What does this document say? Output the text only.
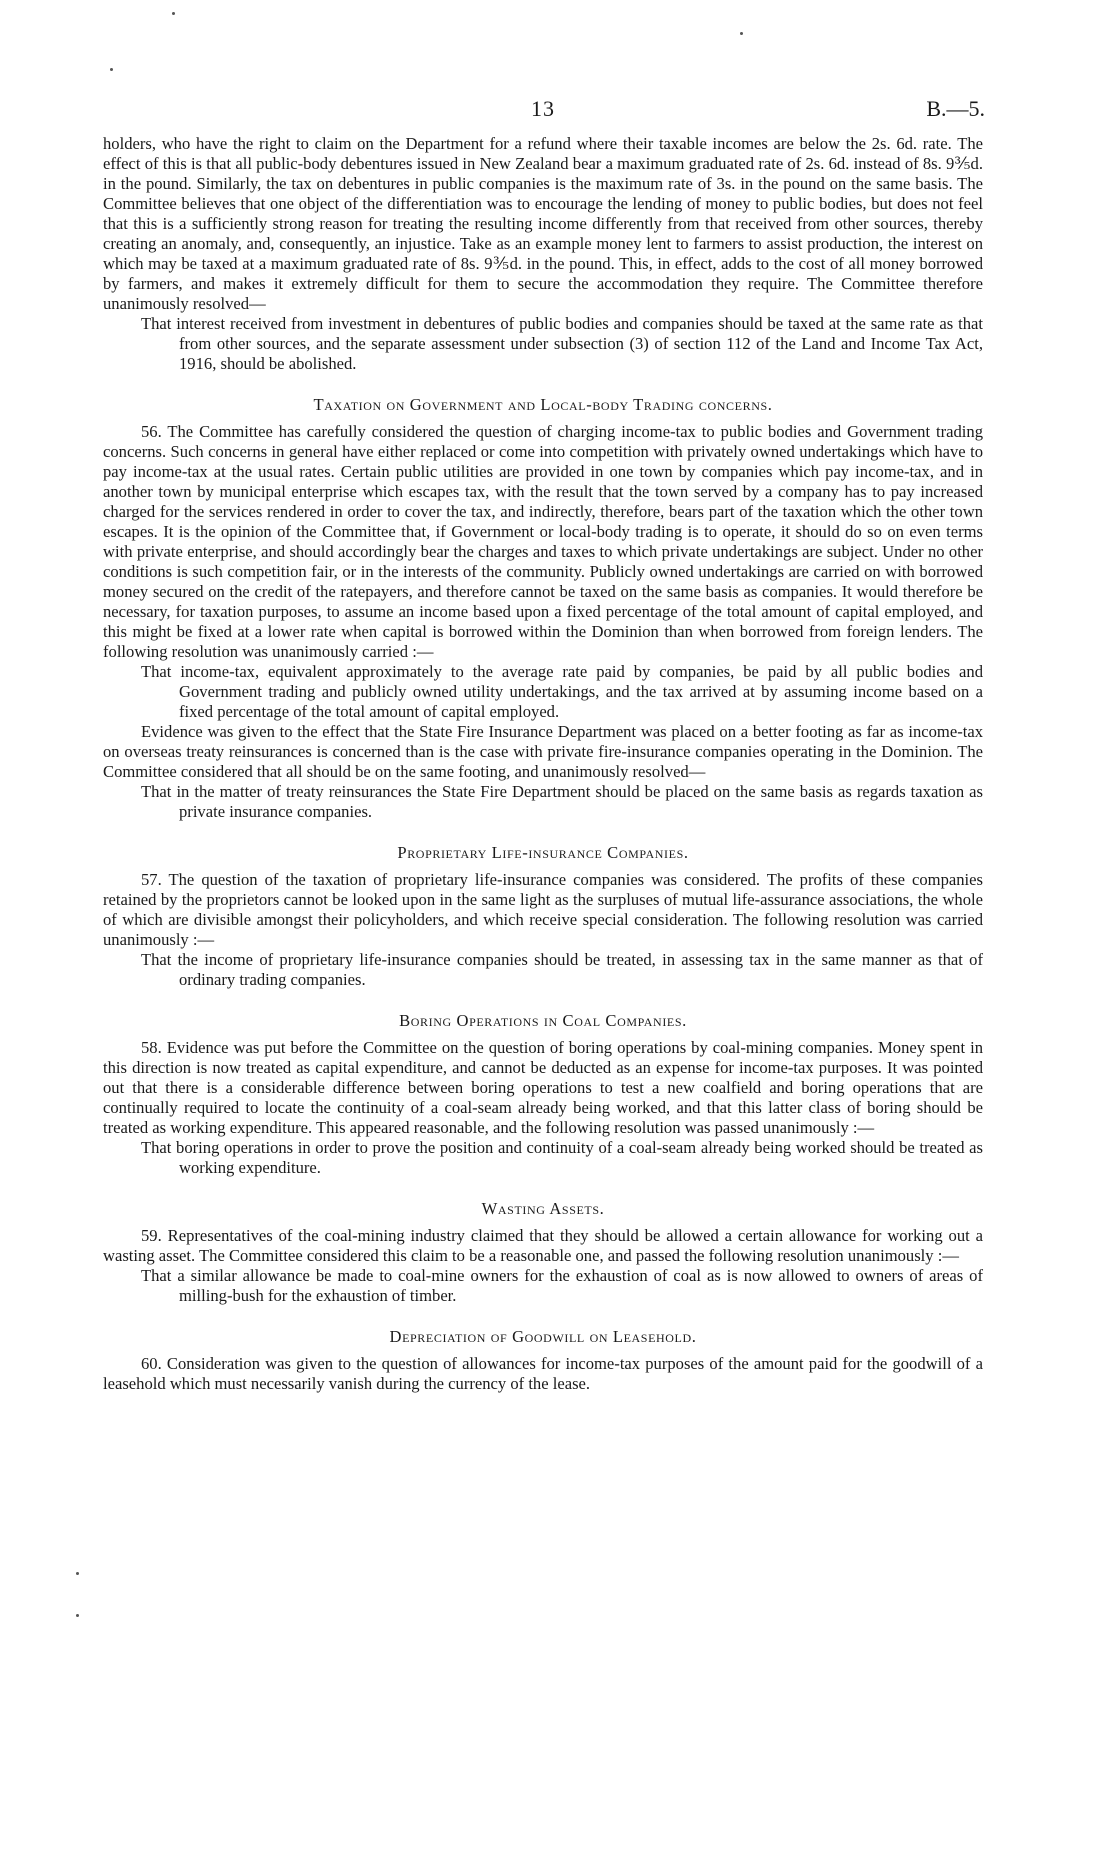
13	B.—5.

holders, who have the right to claim on the Department for a refund where their taxable incomes are below the 2s. 6d. rate. The effect of this is that all public-body debentures issued in New Zealand bear a maximum graduated rate of 2s. 6d. instead of 8s. 9⅗d. in the pound. Similarly, the tax on debentures in public companies is the maximum rate of 3s. in the pound on the same basis. The Committee believes that one object of the differentiation was to encourage the lending of money to public bodies, but does not feel that this is a sufficiently strong reason for treating the resulting income differently from that received from other sources, thereby creating an anomaly, and, consequently, an injustice. Take as an example money lent to farmers to assist production, the interest on which may be taxed at a maximum graduated rate of 8s. 9⅗d. in the pound. This, in effect, adds to the cost of all money borrowed by farmers, and makes it extremely difficult for them to secure the accommodation they require. The Committee therefore unanimously resolved—

That interest received from investment in debentures of public bodies and companies should be taxed at the same rate as that from other sources, and the separate assessment under subsection (3) of section 112 of the Land and Income Tax Act, 1916, should be abolished.

Taxation on Government and Local-body Trading concerns.

56. The Committee has carefully considered the question of charging income-tax to public bodies and Government trading concerns. Such concerns in general have either replaced or come into competition with privately owned undertakings which have to pay income-tax at the usual rates. Certain public utilities are provided in one town by companies which pay income-tax, and in another town by municipal enterprise which escapes tax, with the result that the town served by a company has to pay increased charged for the services rendered in order to cover the tax, and indirectly, therefore, bears part of the taxation which the other town escapes. It is the opinion of the Committee that, if Government or local-body trading is to operate, it should do so on even terms with private enterprise, and should accordingly bear the charges and taxes to which private undertakings are subject. Under no other conditions is such competition fair, or in the interests of the community. Publicly owned undertakings are carried on with borrowed money secured on the credit of the ratepayers, and therefore cannot be taxed on the same basis as companies. It would therefore be necessary, for taxation purposes, to assume an income based upon a fixed percentage of the total amount of capital employed, and this might be fixed at a lower rate when capital is borrowed within the Dominion than when borrowed from foreign lenders. The following resolution was unanimously carried :—

That income-tax, equivalent approximately to the average rate paid by companies, be paid by all public bodies and Government trading and publicly owned utility undertakings, and the tax arrived at by assuming income based on a fixed percentage of the total amount of capital employed.

Evidence was given to the effect that the State Fire Insurance Department was placed on a better footing as far as income-tax on overseas treaty reinsurances is concerned than is the case with private fire-insurance companies operating in the Dominion. The Committee considered that all should be on the same footing, and unanimously resolved—

That in the matter of treaty reinsurances the State Fire Department should be placed on the same basis as regards taxation as private insurance companies.

Proprietary Life-insurance Companies.

57. The question of the taxation of proprietary life-insurance companies was considered. The profits of these companies retained by the proprietors cannot be looked upon in the same light as the surpluses of mutual life-assurance associations, the whole of which are divisible amongst their policyholders, and which receive special consideration. The following resolution was carried unanimously :—

That the income of proprietary life-insurance companies should be treated, in assessing tax in the same manner as that of ordinary trading companies.

Boring Operations in Coal Companies.

58. Evidence was put before the Committee on the question of boring operations by coal-mining companies. Money spent in this direction is now treated as capital expenditure, and cannot be deducted as an expense for income-tax purposes. It was pointed out that there is a considerable difference between boring operations to test a new coalfield and boring operations that are continually required to locate the continuity of a coal-seam already being worked, and that this latter class of boring should be treated as working expenditure. This appeared reasonable, and the following resolution was passed unanimously :—

That boring operations in order to prove the position and continuity of a coal-seam already being worked should be treated as working expenditure.

Wasting Assets.

59. Representatives of the coal-mining industry claimed that they should be allowed a certain allowance for working out a wasting asset. The Committee considered this claim to be a reasonable one, and passed the following resolution unanimously :—

That a similar allowance be made to coal-mine owners for the exhaustion of coal as is now allowed to owners of areas of milling-bush for the exhaustion of timber.

Depreciation of Goodwill on Leasehold.

60. Consideration was given to the question of allowances for income-tax purposes of the amount paid for the goodwill of a leasehold which must necessarily vanish during the currency of the lease.
